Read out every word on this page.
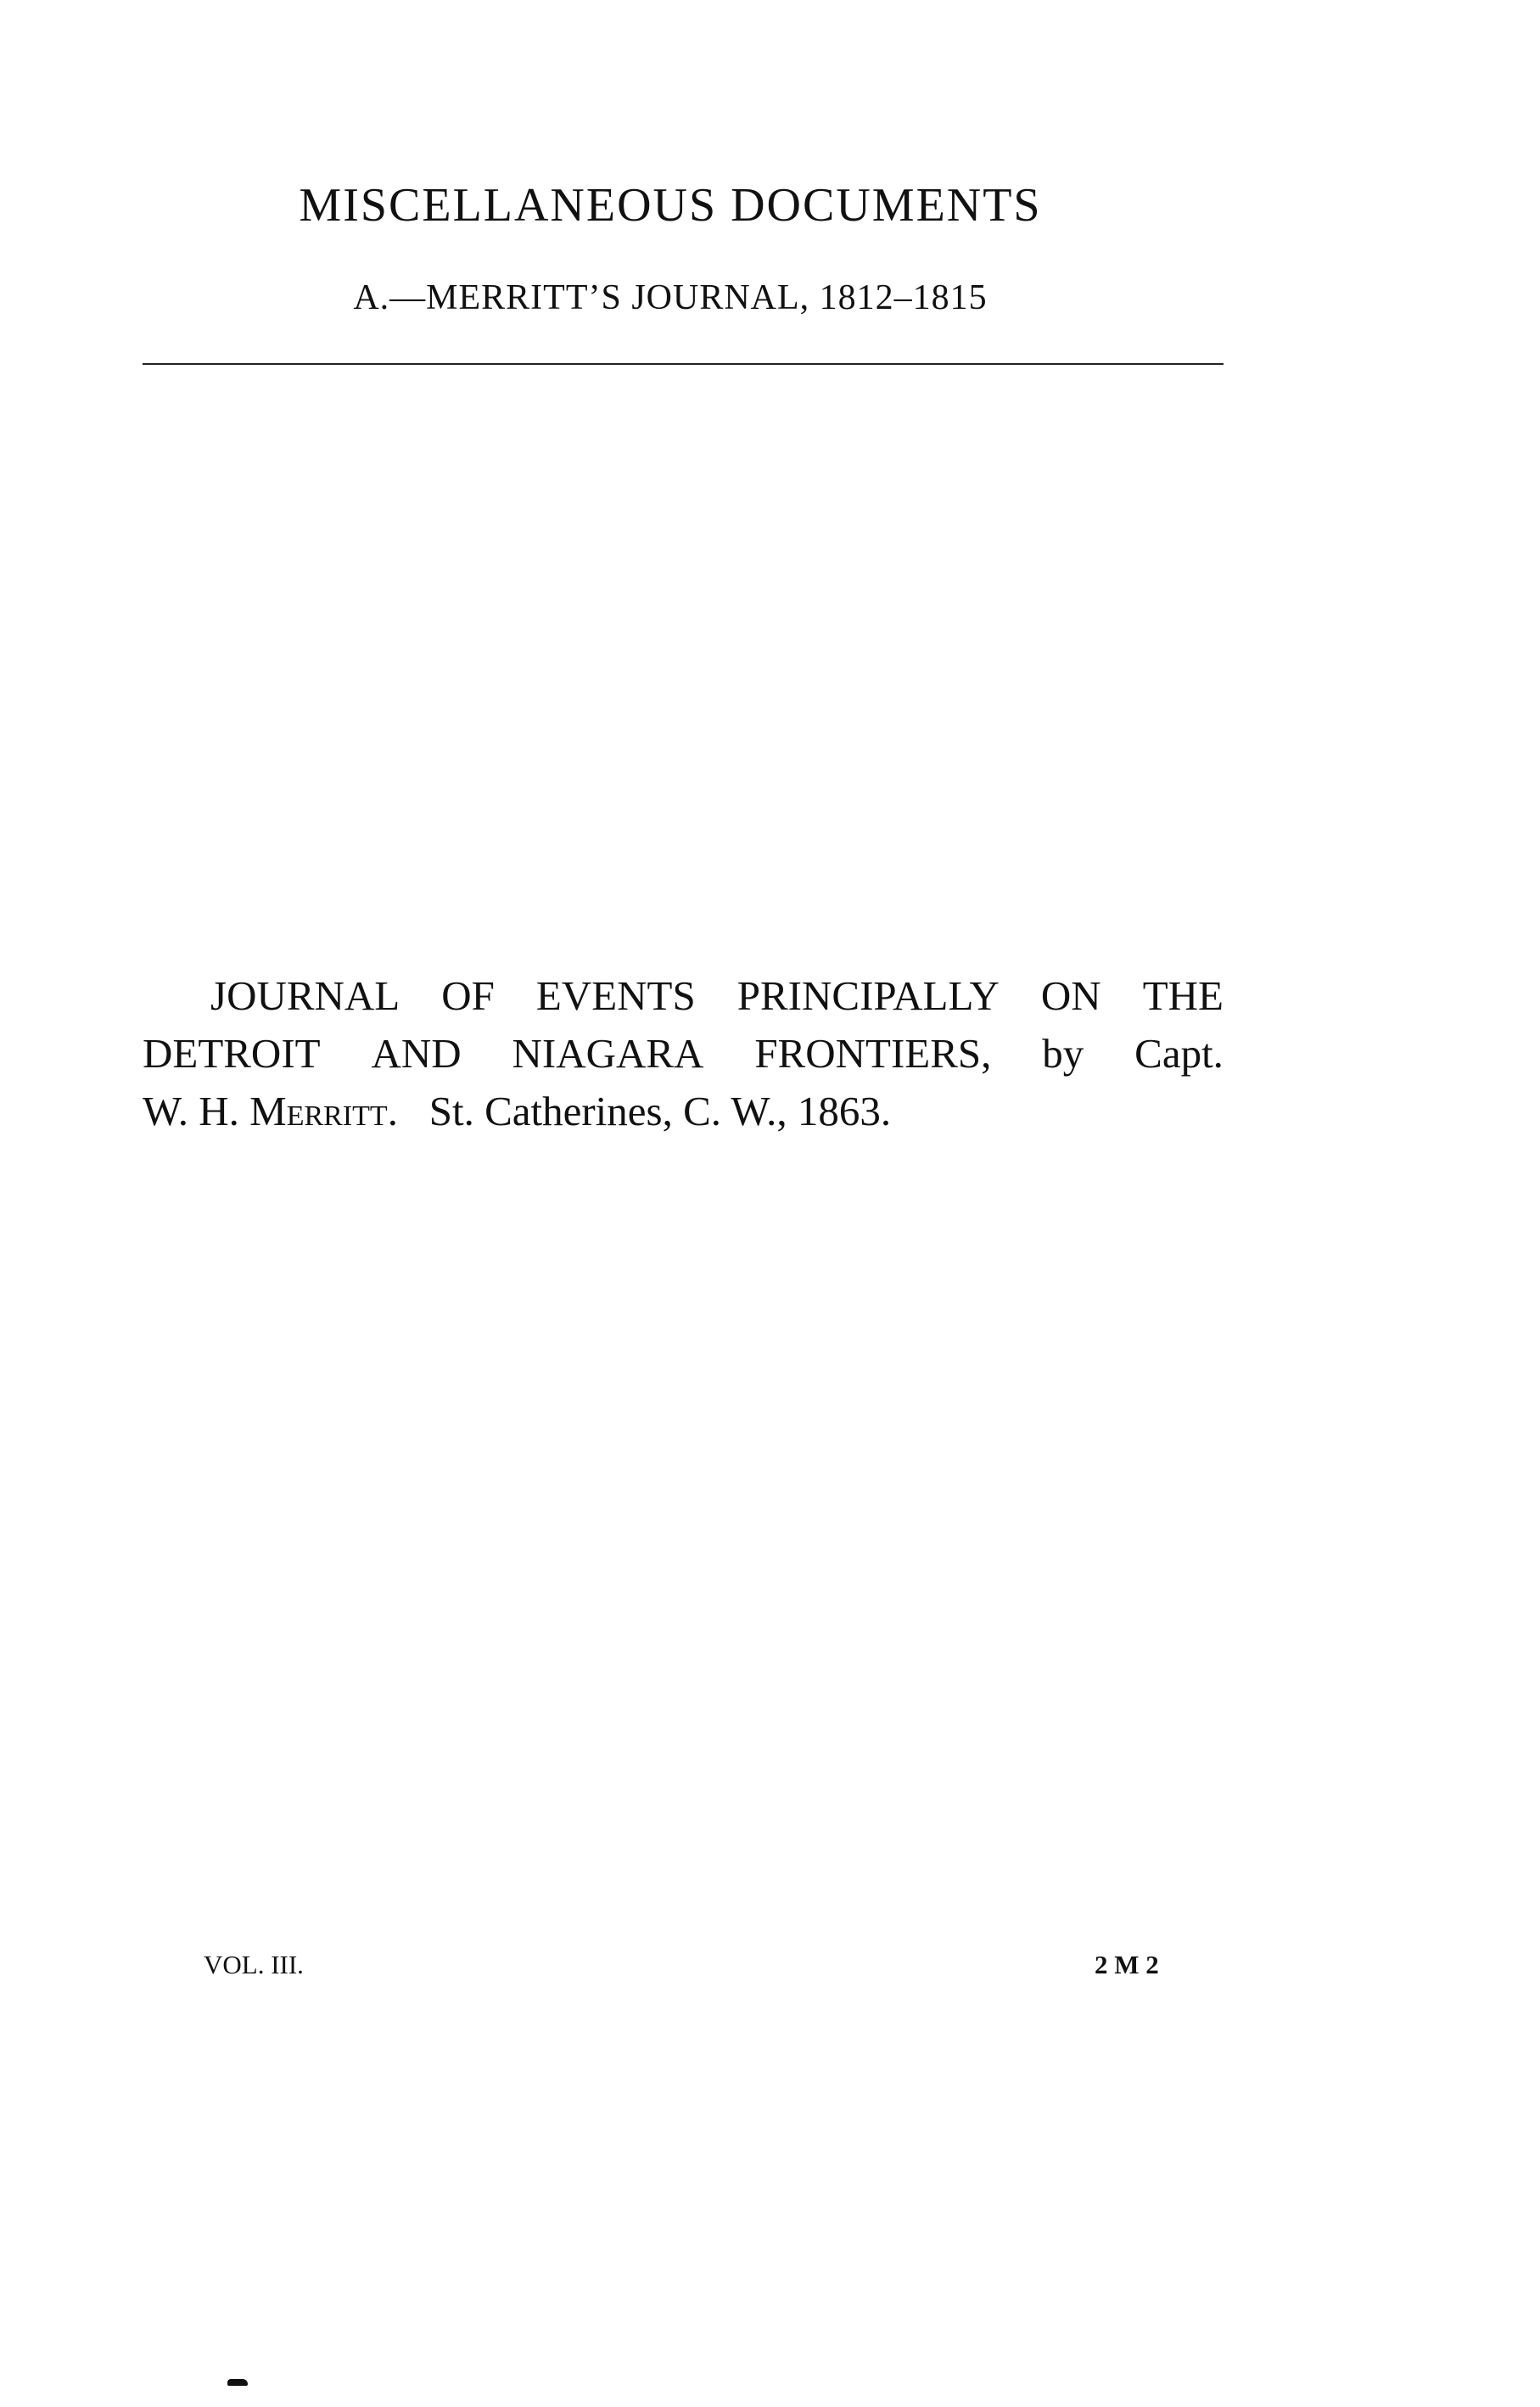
MISCELLANEOUS DOCUMENTS
A.—MERRITT’S JOURNAL, 1812–1815
JOURNAL OF EVENTS PRINCIPALLY ON THE
DETROIT AND NIAGARA FRONTIERS, by Capt.
W. H. Merritt. St. Catherines, C. W., 1863.
VOL. III.	2 M 2
